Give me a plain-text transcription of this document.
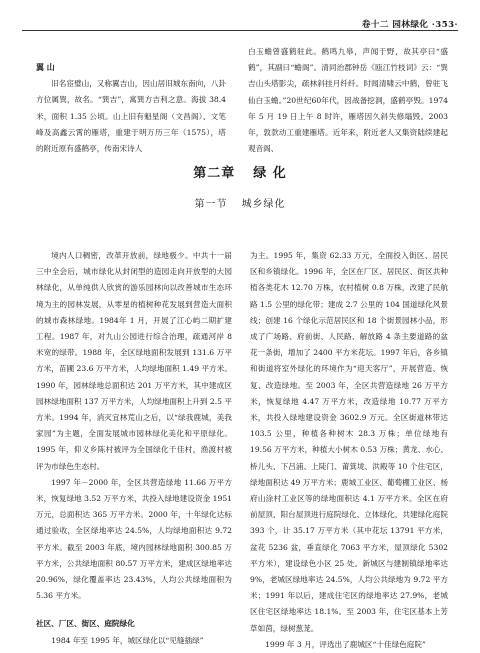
卷十二 园林绿化 ·353·

翼 山

旧名宦璧山，又称翼吉山，因山居旧城东南向，八卦方位属巽，故名。“巽吉”，寓巽方吉利之意。海拔 38.4 米，面积 1.35 公顷。山上旧有魁星阁（文昌阁）、文笔峰及高鑫云霄的雁塔，重建于明万历三年（1575），塔的附近原有盛鹤亭，传南宋诗人

白玉蟾曾盛鹤驻此。鹤鸣九皋，声闻于野，故其亭曰“盛鹤”，其副曰“蟾阁”。清同治郡钟岳《瓯江竹枝词》云：“巽吉山头塔影尖，疏林斜挂月纤纤。时闻清啸云中鹤，曾驻飞仙白玉蟾。”20世纪60年代，因战备挖洞，盛鹤亭毁。1974 年 5 月 19 日上午 8 时许，雁塔因久斜失修塌毁。2003 年，敦款动工重建雁塔。近年来，附近老人又集资陆续建起观音阁、

第二章 绿 化
第一节 城乡绿化

境内人口稠密，改革开放前，绿地极少。中共十一届三中全会后，城市绿化从封闭型的造园走向开放型的大园林绿化，从单纯供人欣赏的游乐园林向以改善城市生态环境为主的园林发展，从零星的植树种花发展到营造大面积的城市森林绿地。1984年 1 月，开展了江心屿二期扩建工程。1987 年，对九山公园进行综合治理，疏通河岸 8 米宽的绿带。1988 年，全区绿地面积发展到 131.6 万平方米，苗圃 23.6 万平方米，人均绿地面积 1.49 平方米。1990 年，园林绿地总面积达 201 万平方米，其中建成区园林绿地面积 137 万平方米，人均绿地面积上升到 2.5 平方米。1994 年，消灭宜林荒山之后，以“绿我鹿城，美我家园”为主题，全面发展城市园林绿化美化和平原绿化。1995 年，仰义乡陈村被评为全国绿化千佳村，渔渡村被评为市绿色生态村。

1997 年－2000 年，全区共营造绿地 11.66 万平方米，恢复绿地 3.52 万平方米，共投入绿地建设资金 1951 万元，总面积达 365 万平方米。2000 年，十年绿化达标通过验收，全区绿地率达 24.5%，人均绿地面积达 9.72 平方米。截至 2003 年底，境内园林绿地面积 300.85 万平方米，公共绿地面积 80.57 万平方米，建成区绿地率达 20.96%，绿化覆盖率达 23.43%，人均公共绿地面积为 5.36 平方米。

社区、厂区、街区、庭院绿化

1984 年至 1995 年，城区绿化以“见缝插绿”

为主。1995 年，集资 62.33 万元，全面投入街区、居民区和乡镇绿化。1996 年，全区在厂区、居民区、街区共种植各类花木 12.70 万株，农村植树 0.8 万株，改建了民航路 1.5 公里的绿化带；建成 2.7 公里的 104 国道绿化风景线；创建 16 个绿化示范居民区和 18 个街景园林小品，形成了广场路、府前街、人民路、解放路 4 条主要道路的盆花一条街，增加了 2400 平方米花坛。1997 年后，各乡镇和街道将室外绿化的环境作为“迎天客厅”，开展营造、恢复、改造绿地。至 2003 年，全区共营造绿地 26 万平方米，恢复绿地 4.47 万平方米，改造绿地 10.77 万平方米，共投入绿地建设资金 3602.9 万元。全区街道林带达 103.5 公里，种植各种树木 28.3 万株；单位绿地有 19.56 万平方米，种植大小树木 0.53 万株；黄龙、水心、桥儿头、下吕浦、上陡门、莆箕垅、洪殿等 10 个住宅区，绿地面积达 49 万平方米；鹿城工业区、葡萄棚工业区、杨府山涂村工业区等的绿地面积达 4.1 万平方米。全区在府前屋顶、阳台屋顶进行庭院绿化、立体绿化，共建绿化庭院 393 个，计 35.17 万平方米（其中花坛 13791 平方米，盆花 5236 盆，垂直绿化 7063 平方米，屋顶绿化 5302 平方米），建设绿色小区 25 处。新城区与建制镇绿地率达 9%，老城区绿地率达 24.5%，人均公共绿地为 9.72 平方米；1991 年以后，建成住宅区的绿地率达 27.9%，老城区住宅区绿地率达 18.1%。至 2003 年，住宅区基本上芳草如茵，绿树葱茏。

1999 年 3 月，评选出了鹿城区“十佳绿色庭院”
